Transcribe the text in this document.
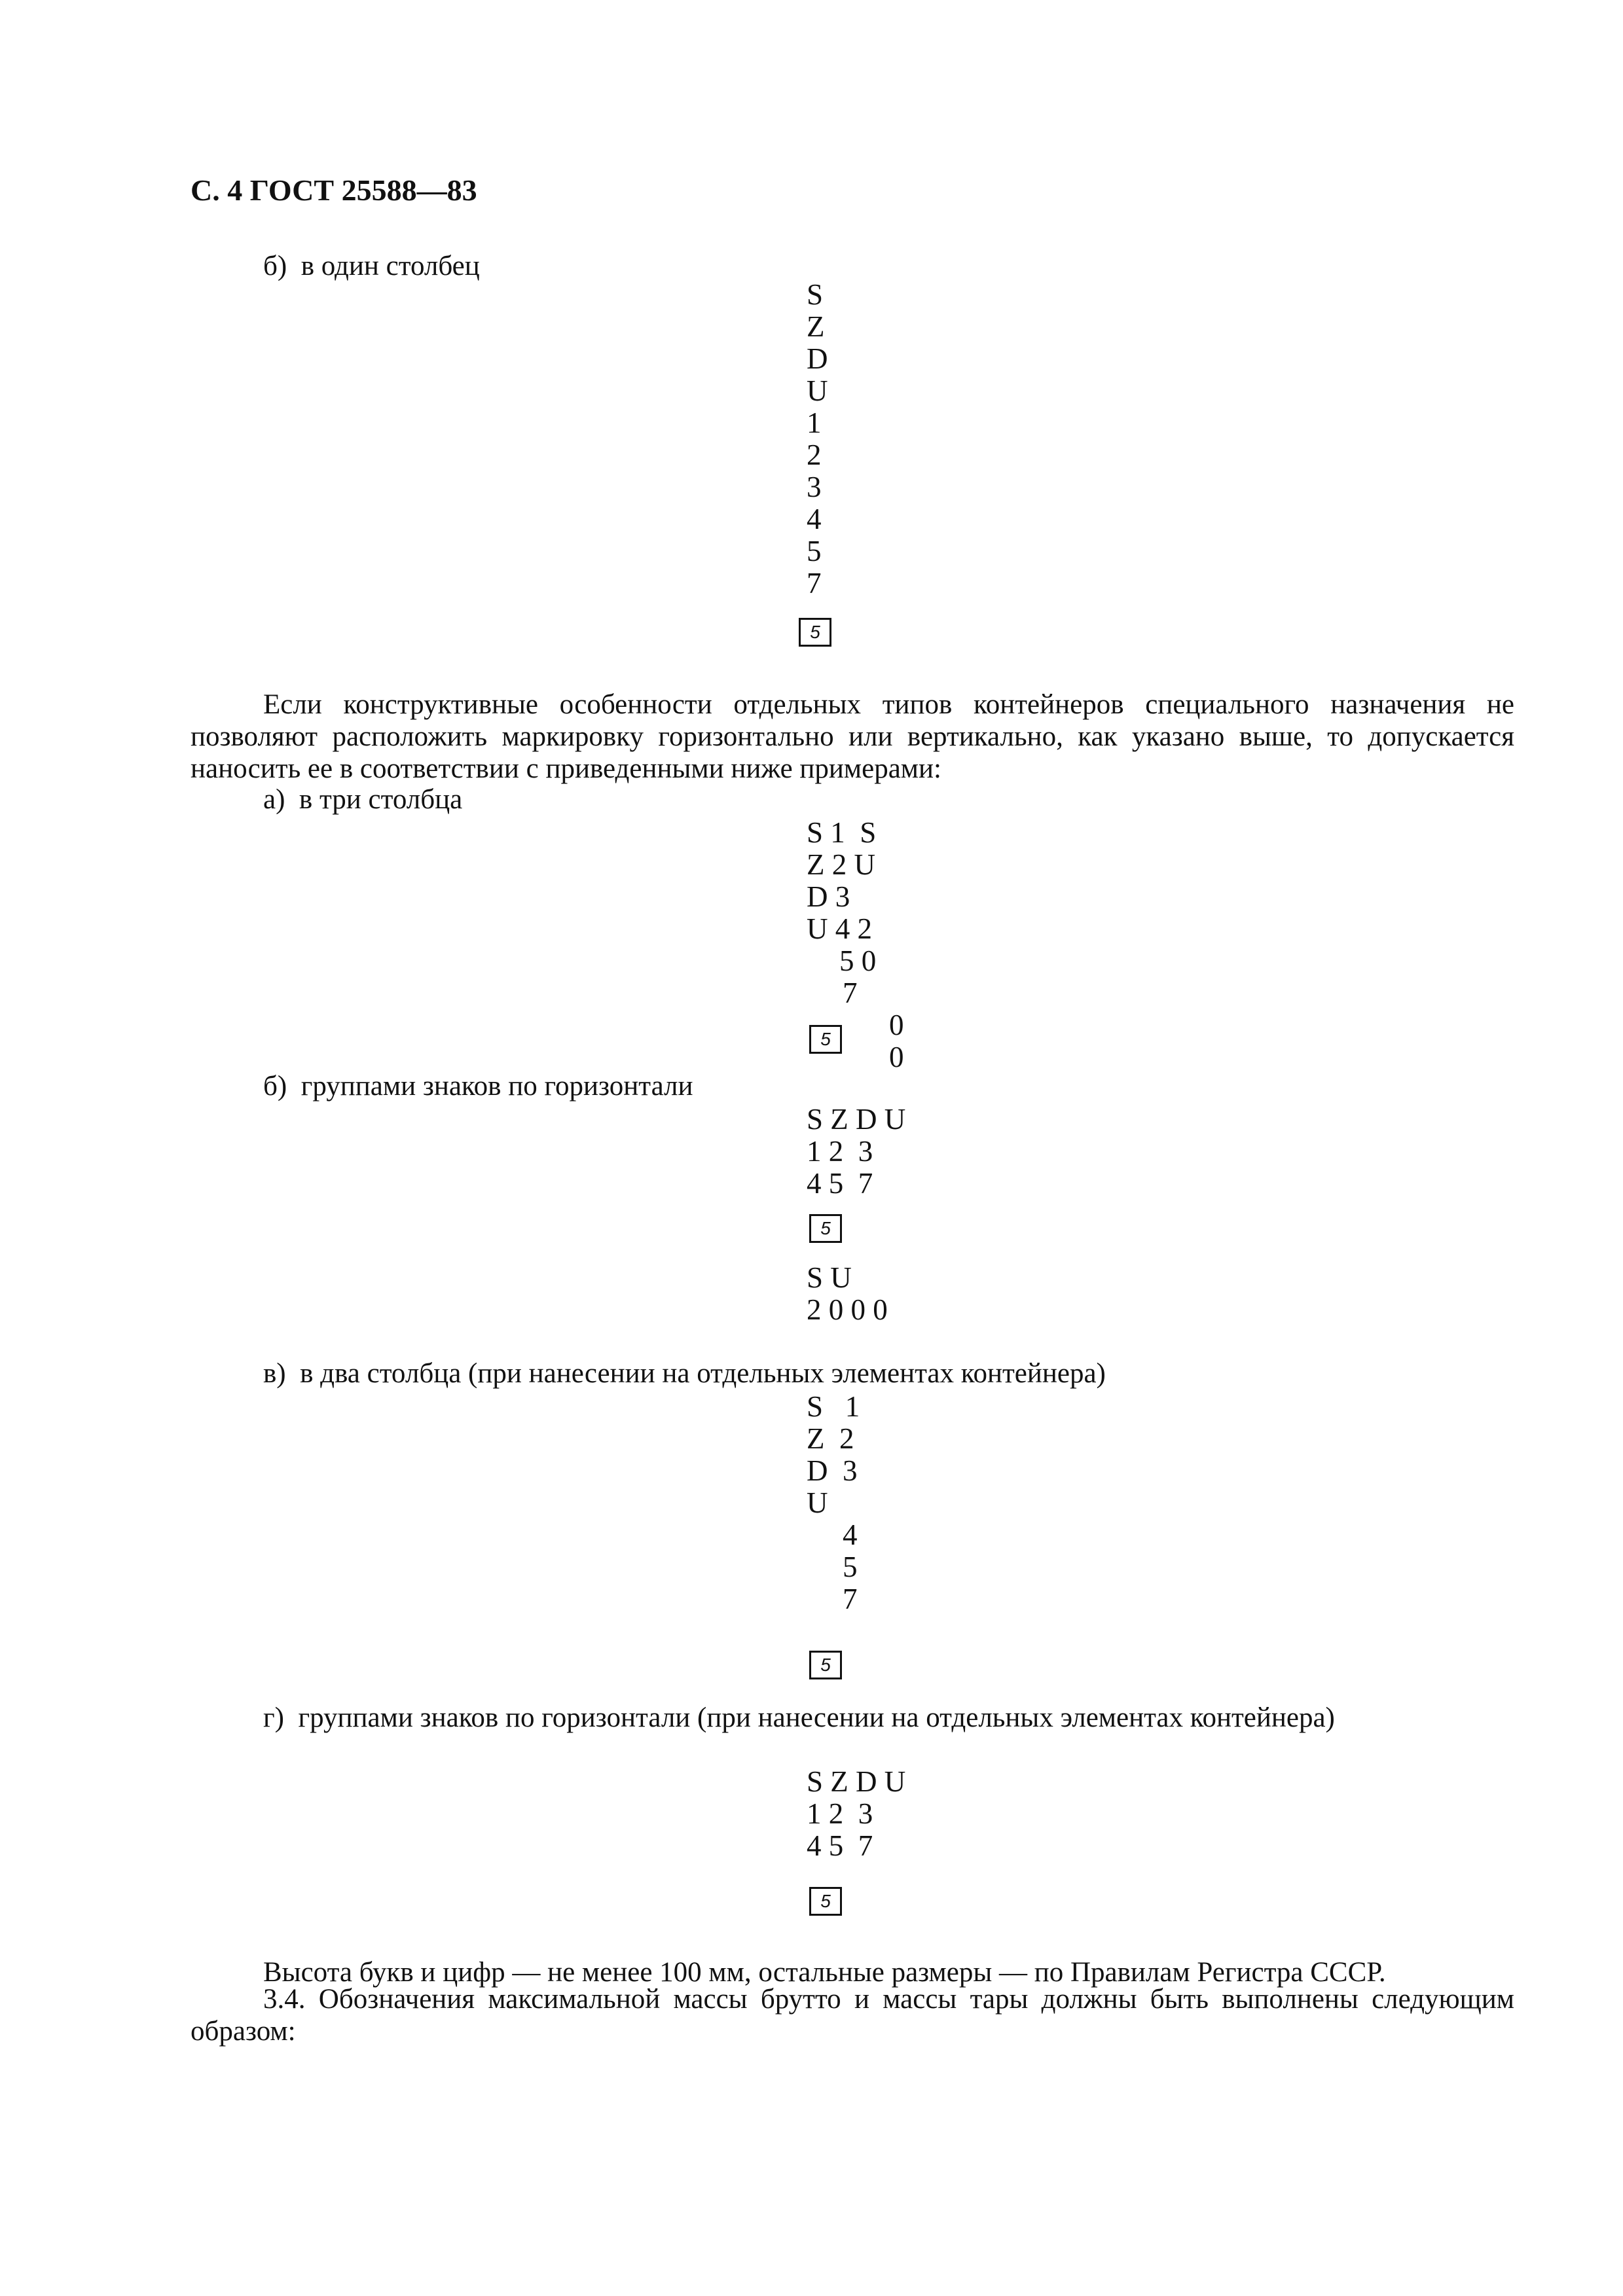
С. 4 ГОСТ 25588—83
б)  в один столбец
S
Z
D
U
1
2
3
4
5
7
5
Если конструктивные особенности отдельных типов контейнеров специального назначения не позволяют расположить маркировку горизонтально или вертикально, как указано выше, то допускается наносить ее в соответствии с приведенными ниже примерами:
а)  в три столбца
S 1  S
Z 2 U
D 3
U 4 2
5 0
7
0
0
5
б)  группами знаков по горизонтали
S Z D U
1 2  3
4 5  7
5
S U
2 0 0 0
в)  в два столбца (при нанесении на отдельных элементах контейнера)
S   1
Z  2
D  3
U
4
5
7
5
г)  группами знаков по горизонтали (при нанесении на отдельных элементах контейнера)
S Z D U
1 2  3
4 5  7
5
Высота букв и цифр — не менее 100 мм, остальные размеры — по Правилам Регистра СССР.
3.4. Обозначения максимальной массы брутто и массы тары должны быть выполнены следующим образом:
